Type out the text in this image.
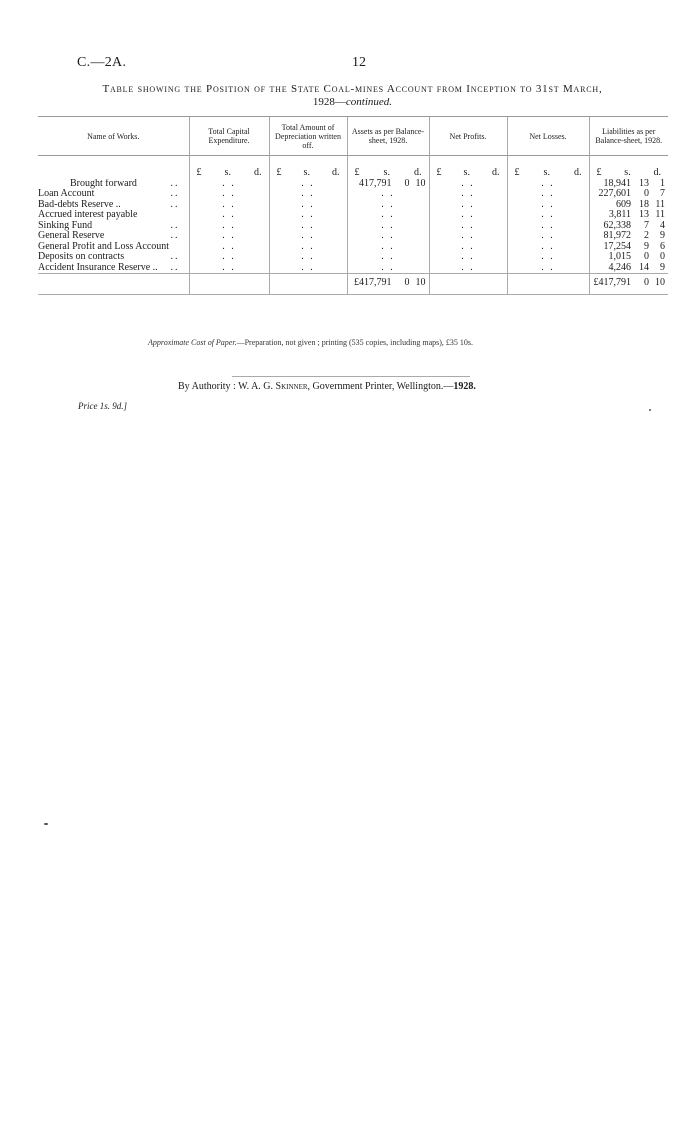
C.—2A.	12
Table showing the Position of the State Coal-mines Account from Inception to 31st March,
1928—continued.
Name of Works.	Total Capital Expenditure.	Total Amount of Depreciation written off.	Assets as per Balance-sheet, 1928.	Net Profits.	Net Losses.	Liabilities as per Balance-sheet, 1928.

	£ s. d.	£ s. d.	£ s. d.	£ s. d.	£ s. d.	£ s. d.

Brought forward ..	. .	. .	417,791 0 10	. .	. .	18,941 13 1

Loan Account ..	. .	. .	. .	. .	. .	227,601 0 7

Bad-debts Reserve .. ..	. .	. .	. .	. .	. .	609 18 11

Accrued interest payable	. .	. .	. .	. .	. .	3,811 13 11

Sinking Fund ..	. .	. .	. .	. .	. .	62,338 7 4

General Reserve ..	. .	. .	. .	. .	. .	81,972 2 9

General Profit and Loss Account	. .	. .	. .	. .	. .	17,254 9 6

Deposits on contracts ..	. .	. .	. .	. .	. .	1,015 0 0

Accident Insurance Reserve .. ..	. .	. .	. .	. .	. .	4,246 14 9

			£417,791 0 10			£417,791 0 10
Approximate Cost of Paper.—Preparation, not given ; printing (535 copies, including maps), £35 10s.
By Authority : W. A. G. Skinner, Government Printer, Wellington.—1928.
Price 1s. 9d.]
